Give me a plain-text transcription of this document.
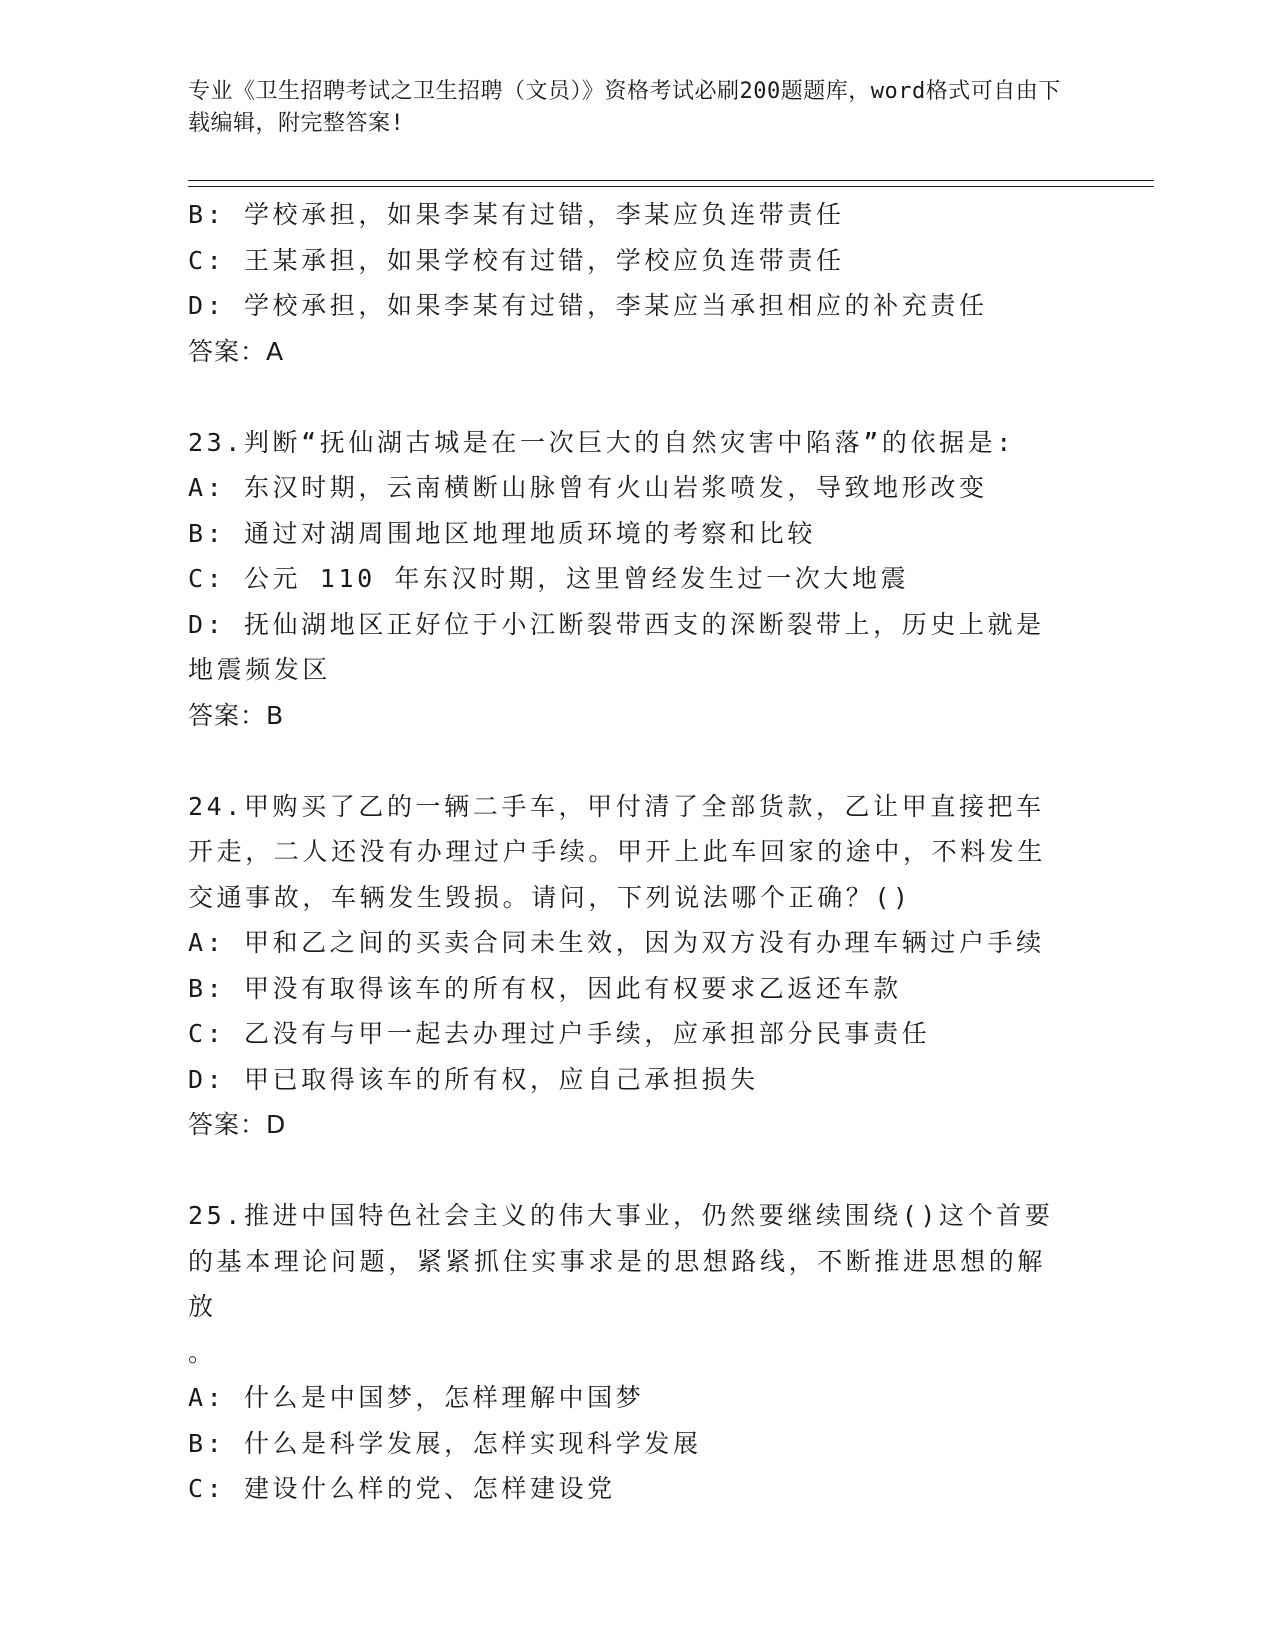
专业《卫生招聘考试之卫生招聘（文员）》资格考试必刷200题题库，word格式可自由下载编辑，附完整答案!
B: 学校承担，如果李某有过错，李某应负连带责任
C: 王某承担，如果学校有过错，学校应负连带责任
D: 学校承担，如果李某有过错，李某应当承担相应的补充责任
答案：A
23.判断“抚仙湖古城是在一次巨大的自然灾害中陷落”的依据是:
A: 东汉时期，云南横断山脉曾有火山岩浆喷发，导致地形改变
B: 通过对湖周围地区地理地质环境的考察和比较
C: 公元 110 年东汉时期，这里曾经发生过一次大地震
D: 抚仙湖地区正好位于小江断裂带西支的深断裂带上，历史上就是地震频发区
答案：B
24.甲购买了乙的一辆二手车，甲付清了全部货款，乙让甲直接把车开走，二人还没有办理过户手续。甲开上此车回家的途中，不料发生交通事故，车辆发生毁损。请问，下列说法哪个正确？()
A: 甲和乙之间的买卖合同未生效，因为双方没有办理车辆过户手续
B: 甲没有取得该车的所有权，因此有权要求乙返还车款
C: 乙没有与甲一起去办理过户手续，应承担部分民事责任
D: 甲已取得该车的所有权，应自己承担损失
答案：D
25.推进中国特色社会主义的伟大事业，仍然要继续围绕()这个首要的基本理论问题，紧紧抓住实事求是的思想路线，不断推进思想的解放
。
A: 什么是中国梦，怎样理解中国梦
B: 什么是科学发展，怎样实现科学发展
C: 建设什么样的党、怎样建设党
